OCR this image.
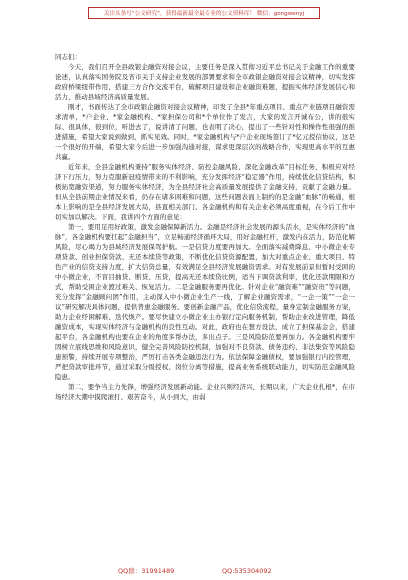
关注头条号“公文研究”，获得最新最全最专业的公文资料库！ 微信：gongwenyj

同志们：

今天，我们召开全县政银企融资对接会议，主要任务是深入贯彻习近平总书记关于金融工作的重要论述，认真落实国务院及省市关于支持企业发展的部署要求和全市政银企融资对接会议精神，切实发挥政府桥梁纽带作用，搭建三方合作交流平台，破解项目建设和企业融资难题，提振实体经济发展信心和活力，推动县域经济高质量发展。

刚才，书面传达了全市政银企融资对接会议精神，印发了全县*年重点项目、重点产业链项目融资需求清单，*户企业、*家金融机构、*家担保公司和*个单位作了发言，大家的发言开诚布公，讲的很实际、很具体，很到位，听进去了，说讲清了问题，也表明了决心，提出了一些针对性和操作性很强的推进措施，希望大家说到做到，抓实见效。同时，*家金融机构与*户企业现场签订了*亿元授信协议，这是一个很好的开端，希望大家今后进一步加强沟通对接，谋求更深层次的战略合作，实现更高水平的互惠共赢。

近年来，全县金融机构秉持“服务实体经济、防控金融风险、深化金融改革”目标任务，积极应对经济下行压力，努力克服新冠疫情带来的不利影响，充分发挥经济“稳定器”作用，持续优化信贷结构，积极拓宽融资渠道，努力服务实体经济，为全县经济社会高质量发展提供了金融支持，贡献了金融力量。但从全县前期企业情况来看，仍存在诸多困难和问题，这些问题表面上制约的是金融“血脉”的畅通，根本上影响的是全县经济发展大局，县直相关部门、各金融机构和有关企业必须高度重视，在今后工作中切实加以解决。下面，我讲四个方面的意见：

第一，要用足用好政策，激发金融保障新活力。金融是经济社会发展的源头活水，是实体经济的“血脉”，各金融机构要扛起“金融担当”，立足畅通经济循环大局，用好金融杠杆，激发内在活力，防范化解风险，尽心竭力为县域经济发展保驾护航。一是信贷力度要再加大。全面落实减费降息、中小微企业专项贷款、创业担保贷款、无还本续贷等政策，不断优化信贷资源配置，加大对重点企业、重大项目、特色产业的信贷支持力度，扩大信贷总量，有效满足全县经济发展融资需求。对有发展前景但暂时受困的中小微企业，不盲目抽贷、断贷、压贷，提高无还本续贷比例，适当下调贷款利率，优化还款期限和方式，帮助受困企业渡过难关、恢复活力。二是金融服务要再优化。针对企业“融资难”“融资贵”等问题，充分发挥“金融顾问团”作用，主动深入中小微企业生产一线，了解企业融资需求，“一企一策”“一企一议”研究解决具体问题，提供普惠金融服务。要创新金融产品，优化信贷流程，量身定制金融服务方案，助力企业纾困解难、迭代焕产。要尽快建立小微企业主办银行定向服务机制，帮助企业改进管理，降低融资成本，实现实体经济与金融机构的良性互动。对此，政府也在想方设法，成立了担保基金会，搭建起平台，各金融机构也要在企业的角度多帮办法，多出点子。三是风险防范要再加力。各金融机构要牢固树立底线思维和风险意识，健全完善风险防控机制，加强对不良贷款、债务违约、非法集资等风险隐患预警，持续开展专项整治，严厉打击各类金融违法行为。依法保障金融债权，要加强银行内控管理，严把贷款审批环节，通过采取分级授权、岗位分离等措施，提高业务系统联动能力，切实防范金融风险隐患。

第二，要争当主力先锋，增强经济发展新动能。企业兴则经济兴，长期以来，广大企业扎根*，在市场经济大潮中摸爬滚打、艰苦奋斗，从小到大，由弱

QQ群：31991489	QQ:535304092
